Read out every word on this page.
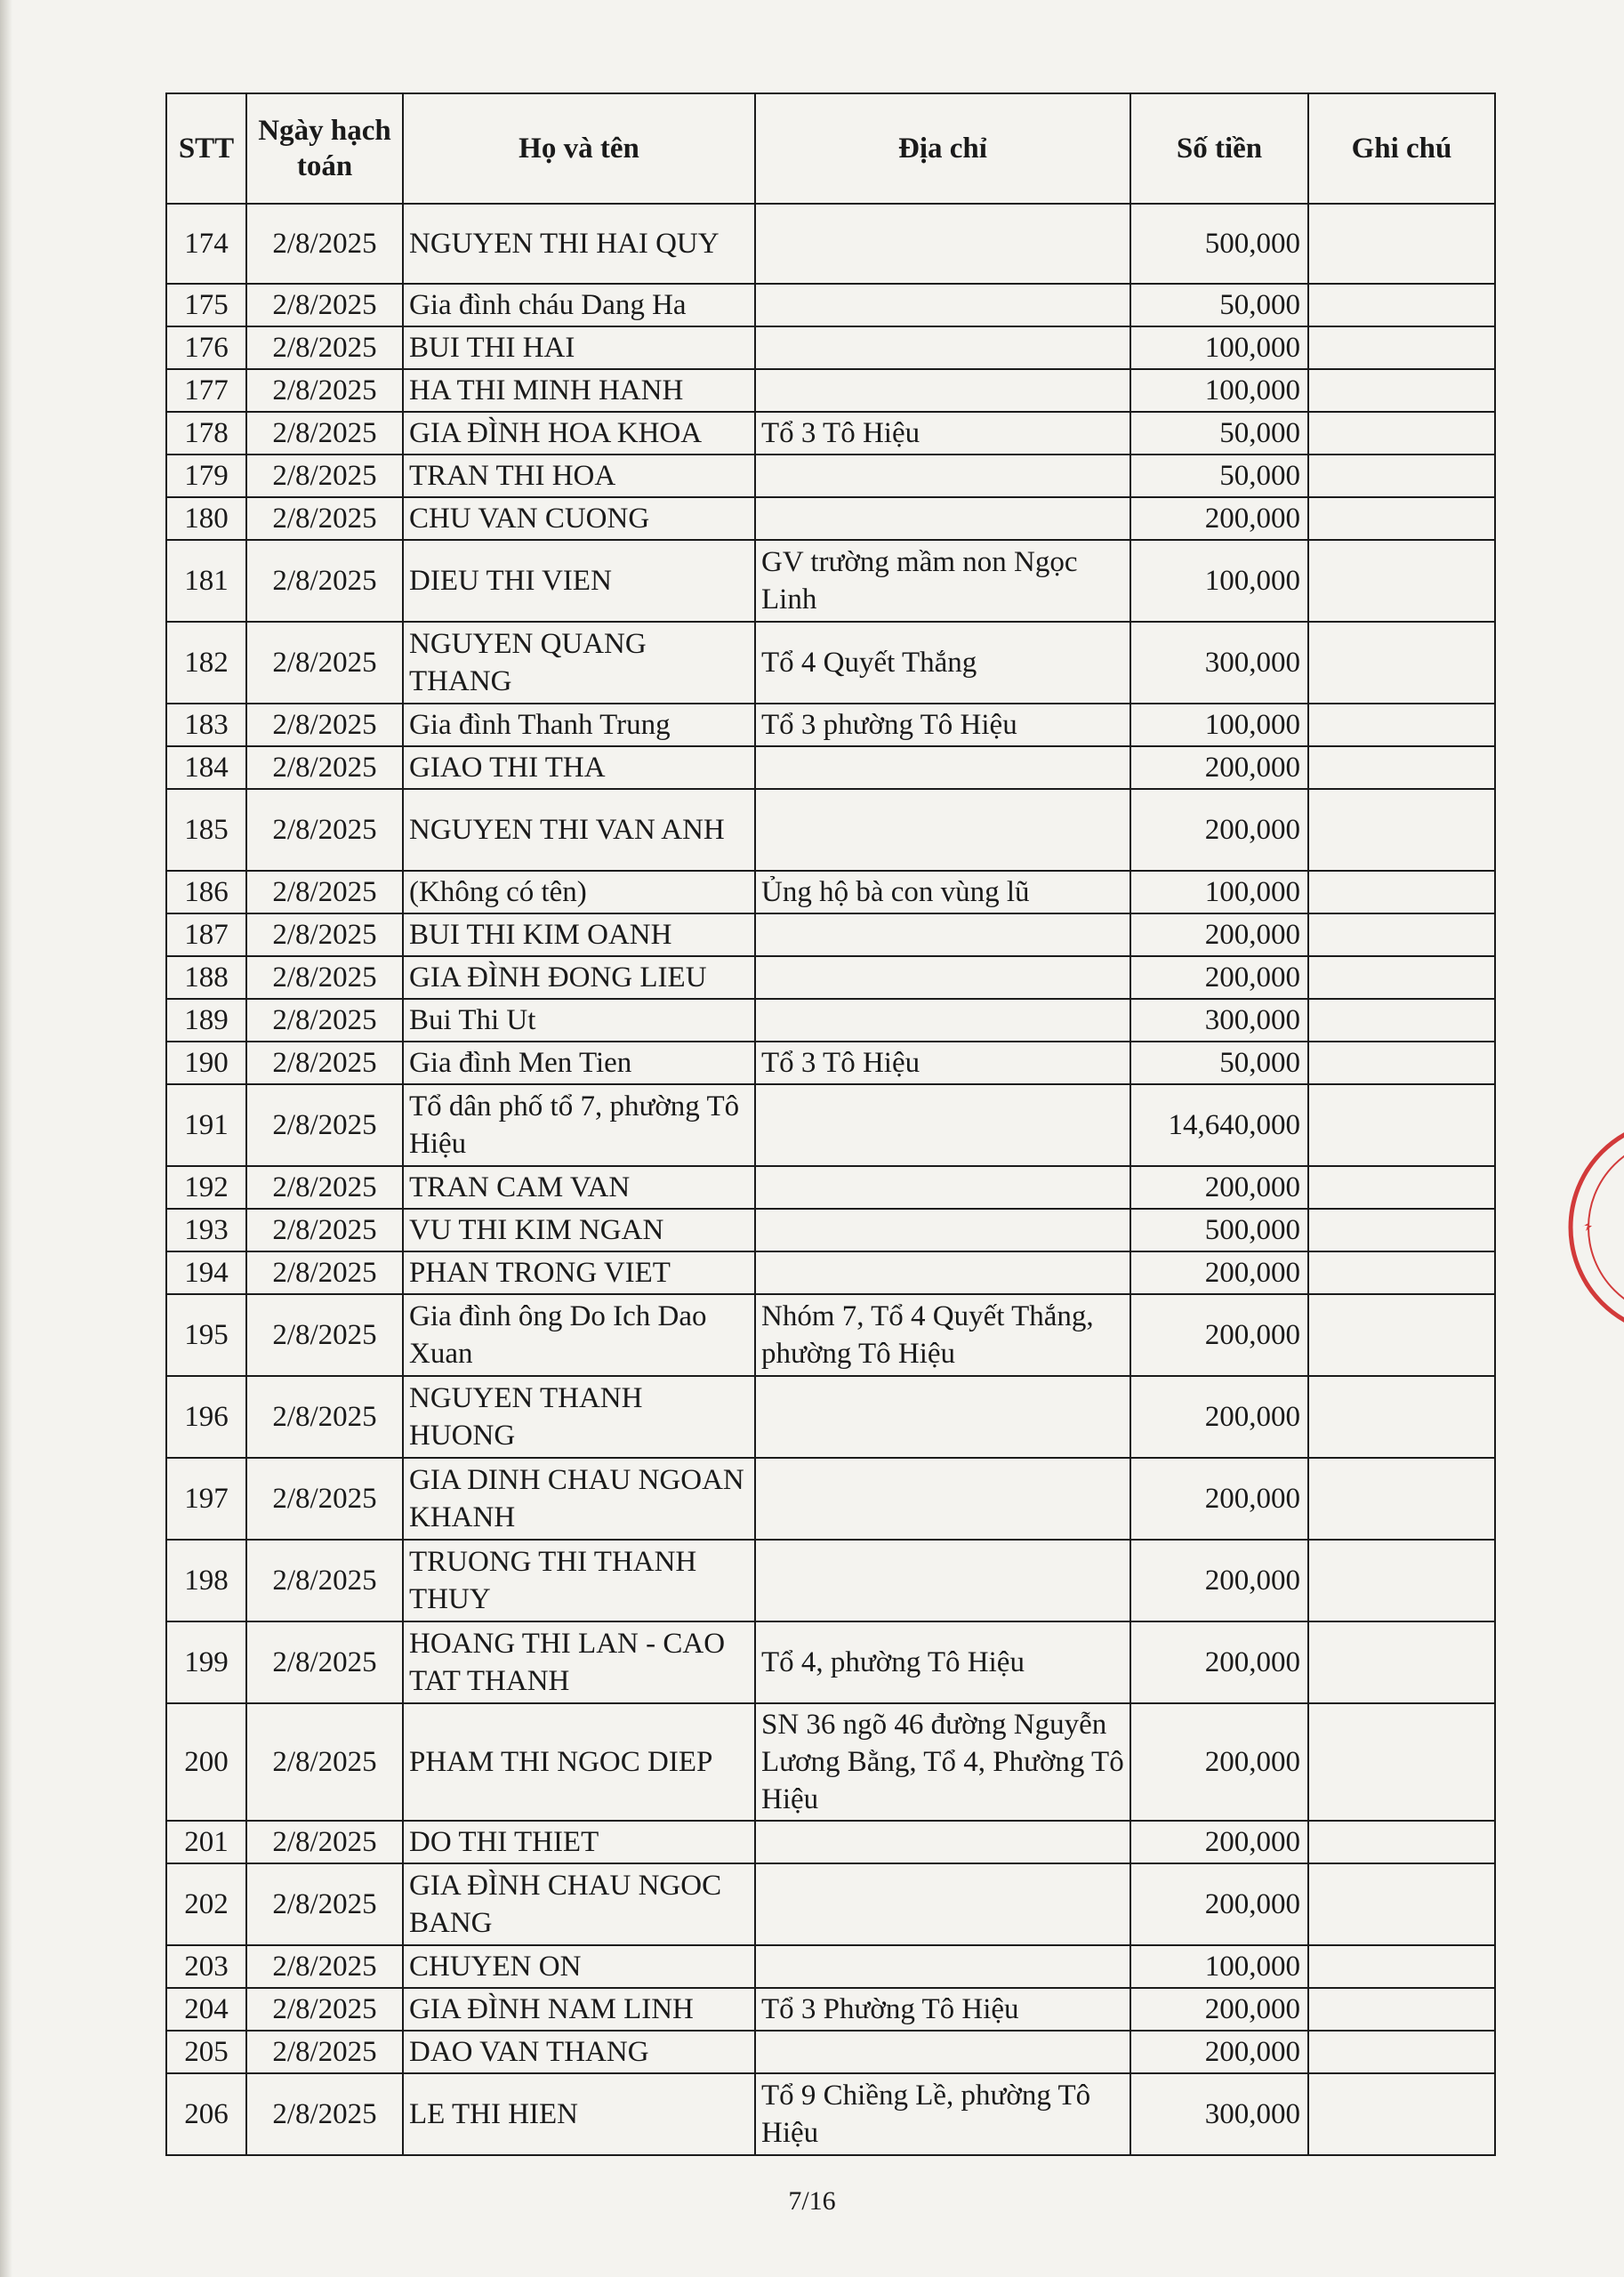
STT	Ngày hạch toán	Họ và tên	Địa chỉ	Số tiền	Ghi chú
174	2/8/2025	NGUYEN THI HAI QUY		500,000	
175	2/8/2025	Gia đình cháu Dang Ha		50,000	
176	2/8/2025	BUI THI HAI		100,000	
177	2/8/2025	HA THI MINH HANH		100,000	
178	2/8/2025	GIA ĐÌNH HOA KHOA	Tổ 3 Tô Hiệu	50,000	
179	2/8/2025	TRAN THI HOA		50,000	
180	2/8/2025	CHU VAN CUONG		200,000	
181	2/8/2025	DIEU THI VIEN	GV trường mầm non Ngọc Linh	100,000	
182	2/8/2025	NGUYEN QUANG THANG	Tổ 4 Quyết Thắng	300,000	
183	2/8/2025	Gia đình Thanh Trung	Tổ 3 phường Tô Hiệu	100,000	
184	2/8/2025	GIAO THI THA		200,000	
185	2/8/2025	NGUYEN THI VAN ANH		200,000	
186	2/8/2025	(Không có tên)	Ủng hộ bà con vùng lũ	100,000	
187	2/8/2025	BUI THI KIM OANH		200,000	
188	2/8/2025	GIA ĐÌNH ĐONG LIEU		200,000	
189	2/8/2025	Bui Thi Ut		300,000	
190	2/8/2025	Gia đình Men Tien	Tổ 3 Tô Hiệu	50,000	
191	2/8/2025	Tổ dân phố tổ 7, phường Tô Hiệu		14,640,000	
192	2/8/2025	TRAN CAM VAN		200,000	
193	2/8/2025	VU THI KIM NGAN		500,000	
194	2/8/2025	PHAN TRONG VIET		200,000	
195	2/8/2025	Gia đình ông Do Ich Dao Xuan	Nhóm 7, Tổ 4 Quyết Thắng, phường Tô Hiệu	200,000	
196	2/8/2025	NGUYEN THANH HUONG		200,000	
197	2/8/2025	GIA DINH CHAU NGOAN KHANH		200,000	
198	2/8/2025	TRUONG THI THANH THUY		200,000	
199	2/8/2025	HOANG THI LAN - CAO TAT THANH	Tổ 4, phường Tô Hiệu	200,000	
200	2/8/2025	PHAM THI NGOC DIEP	SN 36 ngõ 46 đường Nguyễn Lương Bằng, Tổ 4, Phường Tô Hiệu	200,000	
201	2/8/2025	DO THI THIET		200,000	
202	2/8/2025	GIA ĐÌNH CHAU NGOC BANG		200,000	
203	2/8/2025	CHUYEN ON		100,000	
204	2/8/2025	GIA ĐÌNH NAM LINH	Tổ 3 Phường Tô Hiệu	200,000	
205	2/8/2025	DAO VAN THANG		200,000	
206	2/8/2025	LE THI HIEN	Tổ 9 Chiềng Lề, phường Tô Hiệu	300,000	
7/16
